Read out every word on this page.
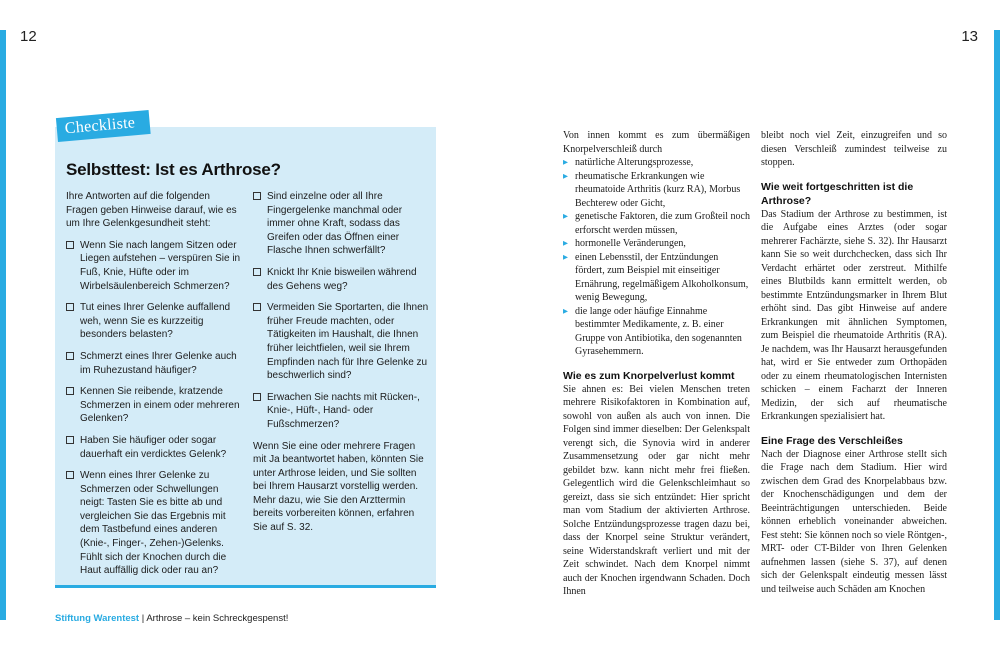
12	13
Checkliste
Selbsttest: Ist es Arthrose?

Ihre Antworten auf die folgenden Fragen geben Hinweise darauf, wie es um Ihre Gelenkgesundheit steht:

Wenn Sie nach langem Sitzen oder Liegen aufstehen – verspüren Sie in Fuß, Knie, Hüfte oder im Wirbelsäulenbereich Schmerzen?
Tut eines Ihrer Gelenke auffallend weh, wenn Sie es kurzzeitig besonders belasten?
Schmerzt eines Ihrer Gelenke auch im Ruhezustand häufiger?
Kennen Sie reibende, kratzende Schmerzen in einem oder mehreren Gelenken?
Haben Sie häufiger oder sogar dauerhaft ein verdicktes Gelenk?
Wenn eines Ihrer Gelenke zu Schmerzen oder Schwellungen neigt: Tasten Sie es bitte ab und vergleichen Sie das Ergebnis mit dem Tastbefund eines anderen (Knie-, Finger-, Zehen-)Gelenks. Fühlt sich der Knochen durch die Haut auffällig dick oder rau an?
Sind einzelne oder all Ihre Fingergelenke manchmal oder immer ohne Kraft, sodass das Greifen oder das Öffnen einer Flasche Ihnen schwerfällt?
Knickt Ihr Knie bisweilen während des Gehens weg?
Vermeiden Sie Sportarten, die Ihnen früher Freude machten, oder Tätigkeiten im Haushalt, die Ihnen früher leichtfielen, weil sie Ihrem Empfinden nach für Ihre Gelenke zu beschwerlich sind?
Erwachen Sie nachts mit Rücken-, Knie-, Hüft-, Hand- oder Fußschmerzen?

Wenn Sie eine oder mehrere Fragen mit Ja beantwortet haben, könnten Sie unter Arthrose leiden, und Sie sollten bei Ihrem Hausarzt vorstellig werden. Mehr dazu, wie Sie den Arzttermin bereits vorbereiten können, erfahren Sie auf S. 32.

Von innen kommt es zum übermäßigen Knorpelverschleiß durch

▶ natürliche Alterungsprozesse,
▶ rheumatische Erkrankungen wie rheumatoide Arthritis (kurz RA), Morbus Bechterew oder Gicht,
▶ genetische Faktoren, die zum Großteil noch erforscht werden müssen,
▶ hormonelle Veränderungen,
▶ einen Lebensstil, der Entzündungen fördert, zum Beispiel mit einseitiger Ernährung, regelmäßigem Alkoholkonsum, wenig Bewegung,
▶ die lange oder häufige Einnahme bestimmter Medikamente, z. B. einer Gruppe von Antibiotika, den sogenannten Gyrasehemmern.

Wie es zum Knorpelverlust kommt

Sie ahnen es: Bei vielen Menschen treten mehrere Risikofaktoren in Kombination auf, sowohl von außen als auch von innen. Die Folgen sind immer dieselben: Der Gelenkspalt verengt sich, die Synovia wird in anderer Zusammensetzung oder gar nicht mehr gebildet bzw. kann nicht mehr frei fließen. Gelegentlich wird die Gelenkschleimhaut so gereizt, dass sie sich entzündet: Hier spricht man vom Stadium der aktivierten Arthrose. Solche Entzündungsprozesse tragen dazu bei, dass der Knorpel seine Struktur verändert, seine Widerstandskraft verliert und mit der Zeit schwindet. Nach dem Knorpel nimmt auch der Knochen irgendwann Schaden. Doch Ihnen

bleibt noch viel Zeit, einzugreifen und so diesen Verschleiß zumindest teilweise zu stoppen.

Wie weit fortgeschritten ist die Arthrose?

Das Stadium der Arthrose zu bestimmen, ist die Aufgabe eines Arztes (oder sogar mehrerer Fachärzte, siehe S. 32). Ihr Hausarzt kann Sie so weit durchchecken, dass sich Ihr Verdacht erhärtet oder zerstreut. Mithilfe eines Blutbilds kann ermittelt werden, ob bestimmte Entzündungsmarker in Ihrem Blut erhöht sind. Das gibt Hinweise auf andere Erkrankungen mit ähnlichen Symptomen, zum Beispiel die rheumatoide Arthritis (RA). Je nachdem, was Ihr Hausarzt herausgefunden hat, wird er Sie entweder zum Orthopäden oder zu einem rheumatologischen Internisten schicken – einem Facharzt der Inneren Medizin, der sich auf rheumatische Erkrankungen spezialisiert hat.

Eine Frage des Verschleißes

Nach der Diagnose einer Arthrose stellt sich die Frage nach dem Stadium. Hier wird zwischen dem Grad des Knorpelabbaus bzw. der Knochenschädigungen und dem der Beeinträchtigungen unterschieden. Beide können erheblich voneinander abweichen. Fest steht: Sie können noch so viele Röntgen-, MRT- oder CT-Bilder von Ihren Gelenken aufnehmen lassen (siehe S. 37), auf denen sich der Gelenkspalt eindeutig messen lässt und teilweise auch Schäden am Knochen

Stiftung Warentest | Arthrose – kein Schreckgespenst!
